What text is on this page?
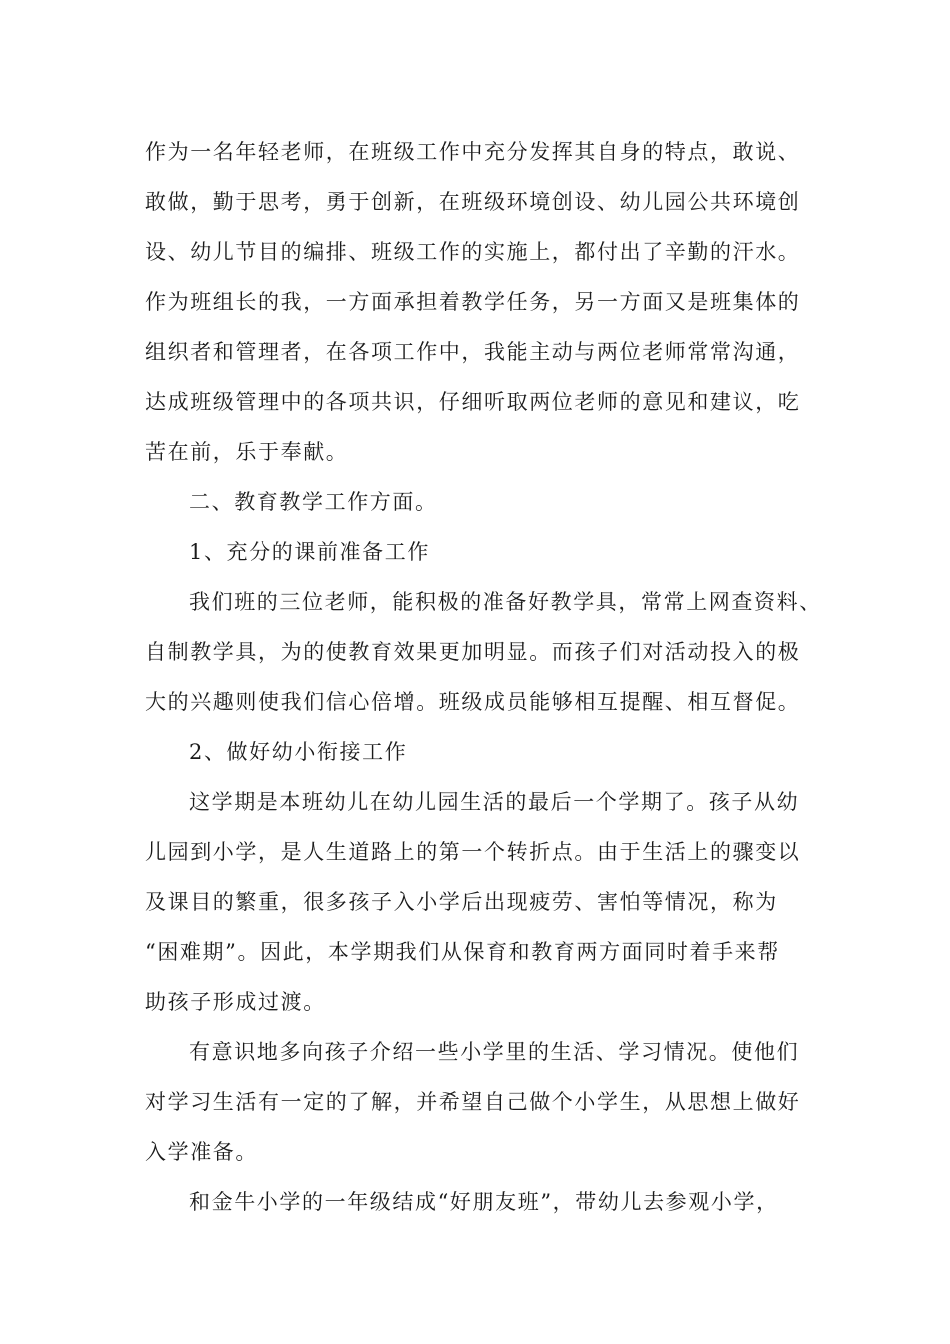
作为一名年轻老师，在班级工作中充分发挥其自身的特点，敢说、
敢做，勤于思考，勇于创新，在班级环境创设、幼儿园公共环境创
设、幼儿节目的编排、班级工作的实施上，都付出了辛勤的汗水。
作为班组长的我，一方面承担着教学任务，另一方面又是班集体的
组织者和管理者，在各项工作中，我能主动与两位老师常常沟通，
达成班级管理中的各项共识，仔细听取两位老师的意见和建议，吃
苦在前，乐于奉献。
二、教育教学工作方面。
1、充分的课前准备工作
我们班的三位老师，能积极的准备好教学具，常常上网查资料、
自制教学具，为的使教育效果更加明显。而孩子们对活动投入的极
大的兴趣则使我们信心倍增。班级成员能够相互提醒、相互督促。
2、做好幼小衔接工作
这学期是本班幼儿在幼儿园生活的最后一个学期了。孩子从幼
儿园到小学，是人生道路上的第一个转折点。由于生活上的骤变以
及课目的繁重，很多孩子入小学后出现疲劳、害怕等情况，称为
“困难期”。因此，本学期我们从保育和教育两方面同时着手来帮
助孩子形成过渡。
有意识地多向孩子介绍一些小学里的生活、学习情况。使他们
对学习生活有一定的了解，并希望自己做个小学生，从思想上做好
入学准备。
和金牛小学的一年级结成“好朋友班”，带幼儿去参观小学，
